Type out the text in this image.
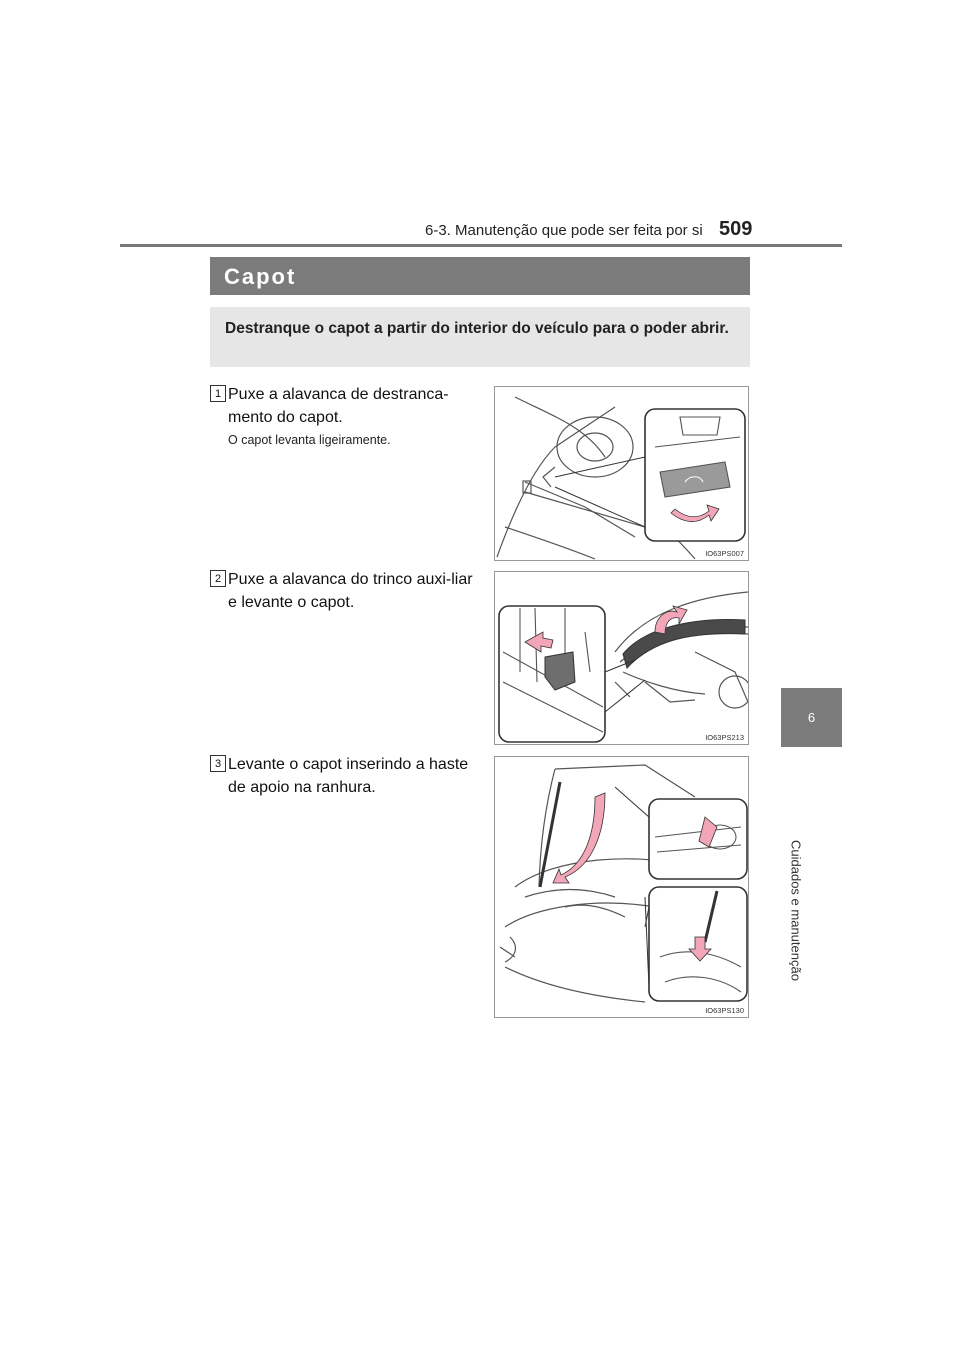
6-3. Manutenção que pode ser feita por si 509
6
Cuidados e manutenção
Capot
Destranque o capot a partir do interior do veículo para o poder abrir.
1 Puxe a alavanca de destranca-mento do capot.
O capot levanta ligeiramente.
IO63PS007
2 Puxe a alavanca do trinco auxi-liar e levante o capot.
IO63PS213
3 Levante o capot inserindo a haste de apoio na ranhura.
IO63PS130
